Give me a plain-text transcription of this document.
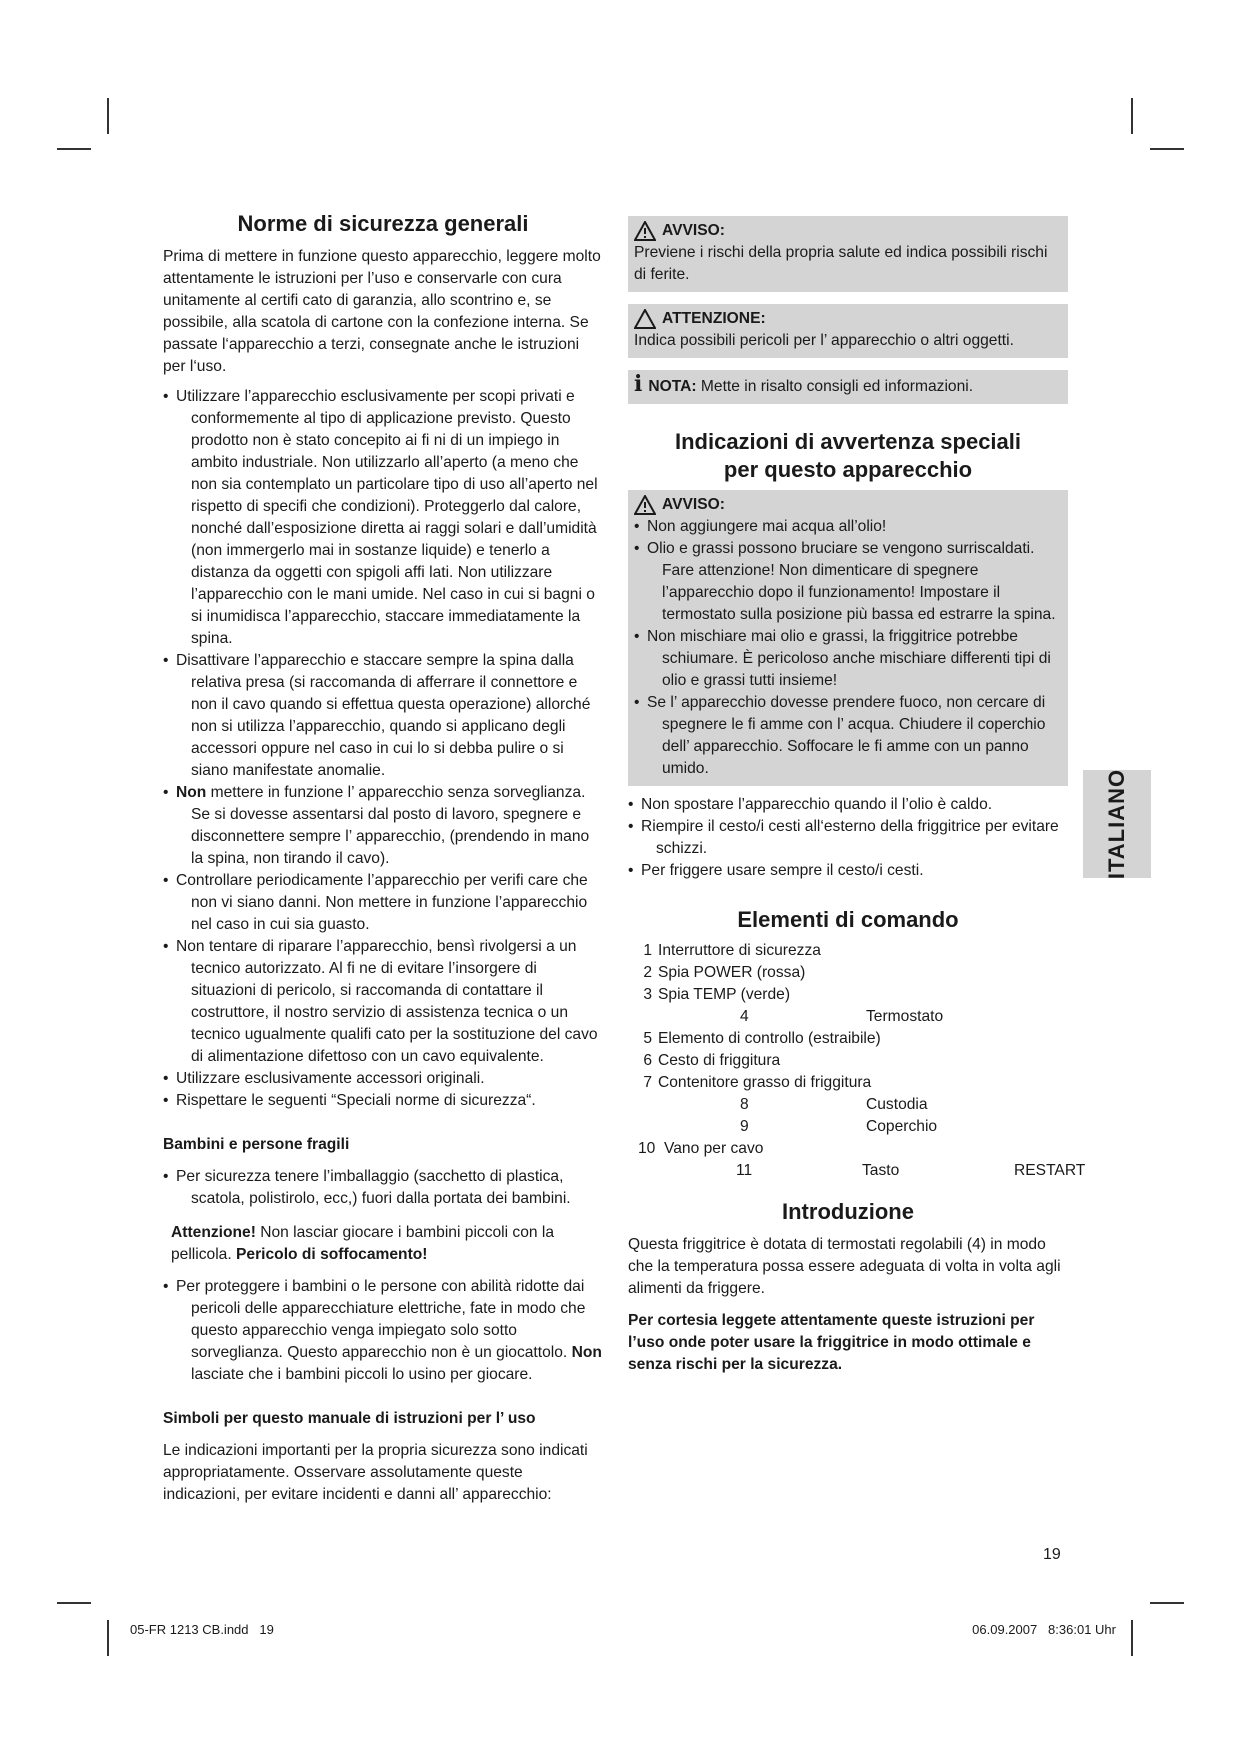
Norme di sicurezza generali

Prima di mettere in funzione questo apparecchio, leggere molto attentamente le istruzioni per l’uso e conservarle con cura unitamente al certifi cato di garanzia, allo scontrino e, se possibile, alla scatola di cartone con la confezione interna. Se passate l‘apparecchio a terzi, consegnate anche le istruzioni per l‘uso.

• Utilizzare l’apparecchio esclusivamente per scopi privati e conformemente al tipo di applicazione previsto. Questo prodotto non è stato concepito ai fi ni di un impiego in ambito industriale. Non utilizzarlo all’aperto (a meno che non sia contemplato un particolare tipo di uso all’aperto nel rispetto di specifi che condizioni). Proteggerlo dal calore, nonché dall’esposizione diretta ai raggi solari e dall’umidità (non immergerlo mai in sostanze liquide) e tenerlo a distanza da oggetti con spigoli affi lati. Non utilizzare l’apparecchio con le mani umide. Nel caso in cui si bagni o si inumidisca l’apparecchio, staccare immediatamente la spina.
• Disattivare l’apparecchio e staccare sempre la spina dalla relativa presa (si raccomanda di afferrare il connettore e non il cavo quando si effettua questa operazione) allorché non si utilizza l’apparecchio, quando si applicano degli accessori oppure nel caso in cui lo si debba pulire o si siano manifestate anomalie.
• Non mettere in funzione l’ apparecchio senza sorveglianza. Se si dovesse assentarsi dal posto di lavoro, spegnere e disconnettere sempre l’ apparecchio, (prendendo in mano la spina, non tirando il cavo).
• Controllare periodicamente l’apparecchio per verifi care che non vi siano danni. Non mettere in funzione l’apparecchio nel caso in cui sia guasto.
• Non tentare di riparare l’apparecchio, bensì rivolgersi a un tecnico autorizzato. Al fi ne di evitare l’insorgere di situazioni di pericolo, si raccomanda di contattare il costruttore, il nostro servizio di assistenza tecnica o un tecnico ugualmente qualifi cato per la sostituzione del cavo di alimentazione difettoso con un cavo equivalente.
• Utilizzare esclusivamente accessori originali.
• Rispettare le seguenti “Speciali norme di sicurezza“.
Bambini e persone fragili
• Per sicurezza tenere l’imballaggio (sacchetto di plastica, scatola, polistirolo, ecc,) fuori dalla portata dei bambini.

Attenzione! Non lasciar giocare i bambini piccoli con la pellicola. Pericolo di soffocamento!

• Per proteggere i bambini o le persone con abilità ridotte dai pericoli delle apparecchiature elettriche, fate in modo che questo apparecchio venga impiegato solo sotto sorveglianza. Questo apparecchio non è un giocattolo. Non lasciate che i bambini piccoli lo usino per giocare.
Simboli per questo manuale di istruzioni per l’ uso

Le indicazioni importanti per la propria sicurezza sono indicati appropriatamente. Osservare assolutamente queste indicazioni, per evitare incidenti e danni all’ apparecchio:

AVVISO:

Previene i rischi della propria salute ed indica possibili rischi di ferite.

ATTENZIONE:

Indica possibili pericoli per l’ apparecchio o altri oggetti.

i NOTA: Mette in risalto consigli ed informazioni.
Indicazioni di avvertenza speciali
per questo apparecchio
AVVISO:
• Non aggiungere mai acqua all’olio!
• Olio e grassi possono bruciare se vengono surriscaldati. Fare attenzione! Non dimenticare di spegnere l’apparecchio dopo il funzionamento! Impostare il termostato sulla posizione più bassa ed estrarre la spina.
• Non mischiare mai olio e grassi, la friggitrice potrebbe schiumare. È pericoloso anche mischiare differenti tipi di olio e grassi tutti insieme!
• Se l’ apparecchio dovesse prendere fuoco, non cercare di spegnere le fi amme con l’ acqua. Chiudere il coperchio dell’ apparecchio. Soffocare le fi amme con un panno umido.
• Non spostare l’apparecchio quando il l’olio è caldo.
• Riempire il cesto/i cesti all‘esterno della friggitrice per evitare schizzi.
• Per friggere usare sempre il cesto/i cesti.
Elementi di comando
1 Interruttore di sicurezza
2 Spia POWER (rossa)
3 Spia TEMP (verde)
4	Termostato
5 Elemento di controllo (estraibile)
6 Cesto di friggitura
7 Contenitore grasso di friggitura
8	Custodia
9	Coperchio
10  Vano per cavo
11	Tasto	RESTART
Introduzione

Questa friggitrice è dotata di termostati regolabili (4) in modo che la temperatura possa essere adeguata di volta in volta agli alimenti da friggere.

Per cortesia leggete attentamente queste istruzioni per l’uso onde poter usare la friggitrice in modo ottimale e senza rischi per la sicurezza.

ITALIANO
19
05-FR 1213 CB.indd   19	06.09.2007   8:36:01 Uhr
